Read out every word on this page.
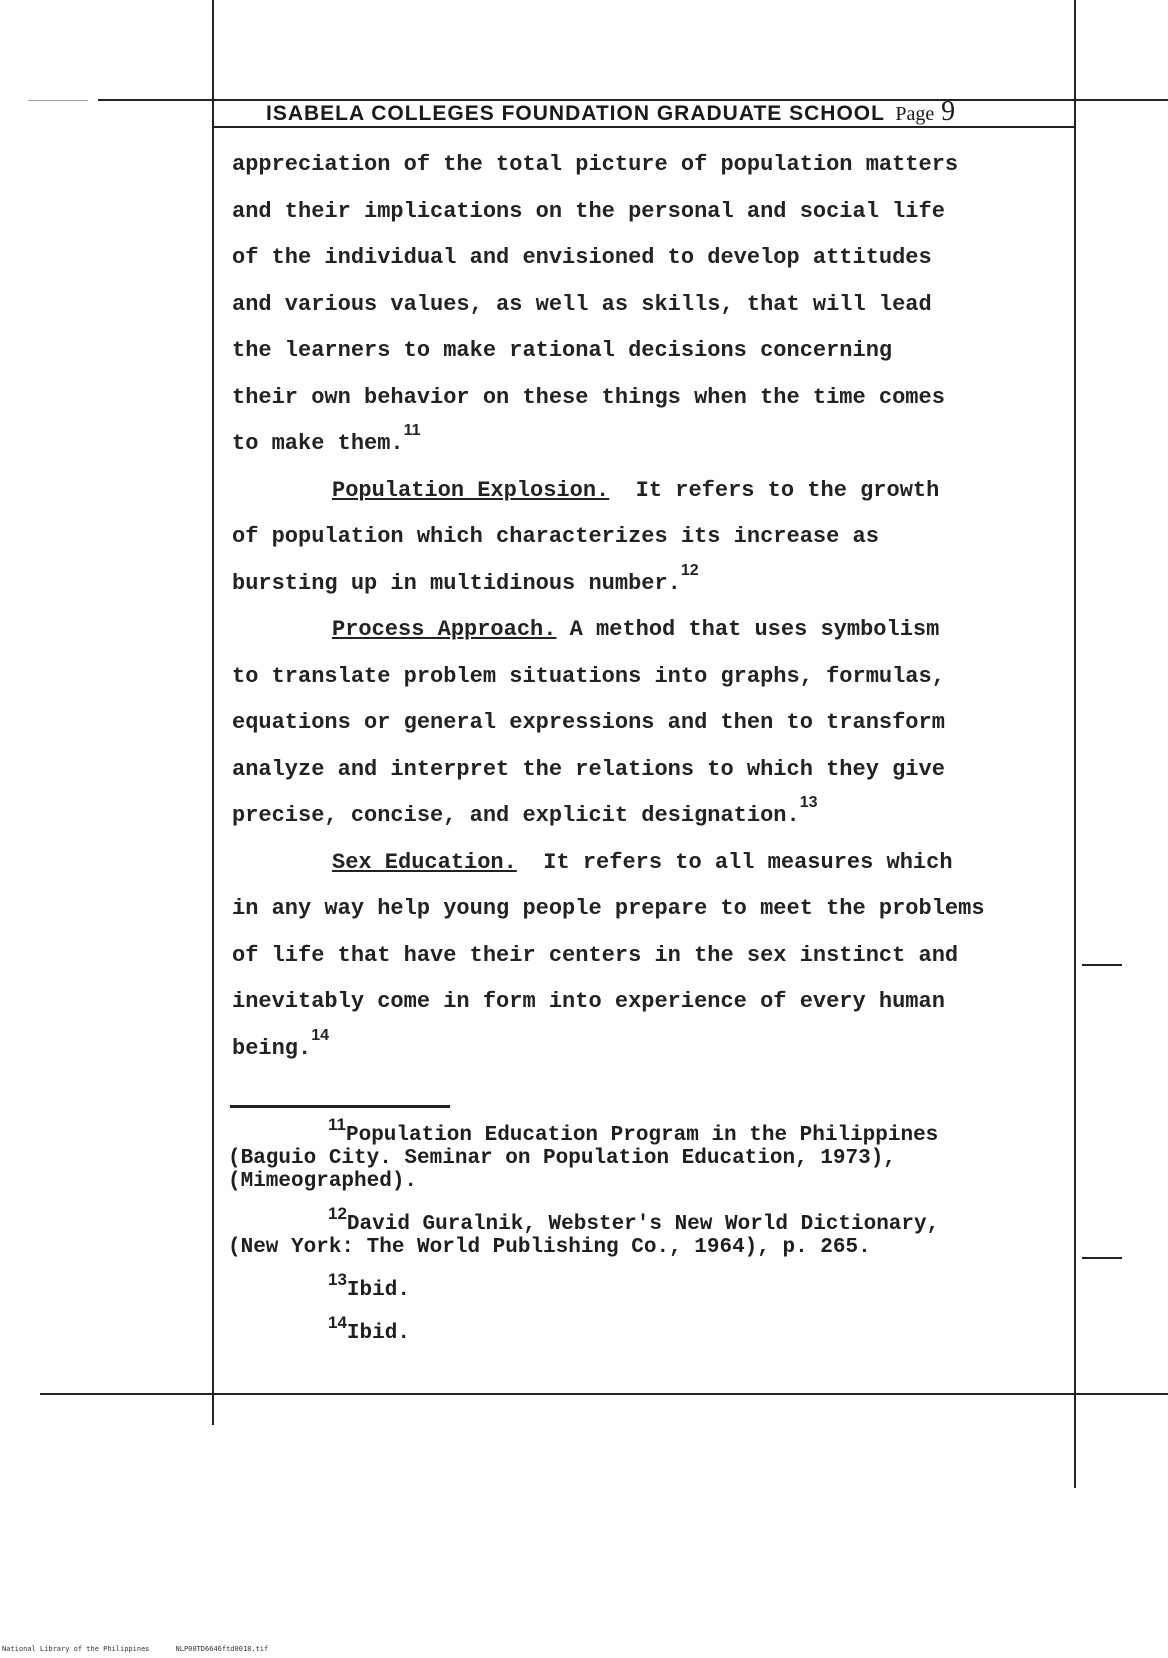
ISABELA COLLEGES FOUNDATION GRADUATE SCHOOL Page 9
appreciation of the total picture of population matters
and their implications on the personal and social life
of the individual and envisioned to develop attitudes
and various values, as well as skills, that will lead
the learners to make rational decisions concerning
their own behavior on these things when the time comes
to make them.$^{11}$
Population Explosion. It refers to the growth
of population which characterizes its increase as
bursting up in multidinous number.$^{12}$
Process Approach. A method that uses symbolism
to translate problem situations into graphs, formulas,
equations or general expressions and then to transform
analyze and interpret the relations to which they give
precise, concise, and explicit designation.$^{13}$
Sex Education. It refers to all measures which
in any way help young people prepare to meet the problems
of life that have their centers in the sex instinct and
inevitably come in form into experience of every human
being.$^{14}$
$^{11}$Population Education Program in the Philippines
(Baguio City. Seminar on Population Education, 1973),
(Mimeographed).
$^{12}$David Guralnik, Webster's New World Dictionary,
(New York: The World Publishing Co., 1964), p. 265.
$^{13}$Ibid.
$^{14}$Ibid.
National Library of the Philippines	NLP00TD6646ftd0018.tif
